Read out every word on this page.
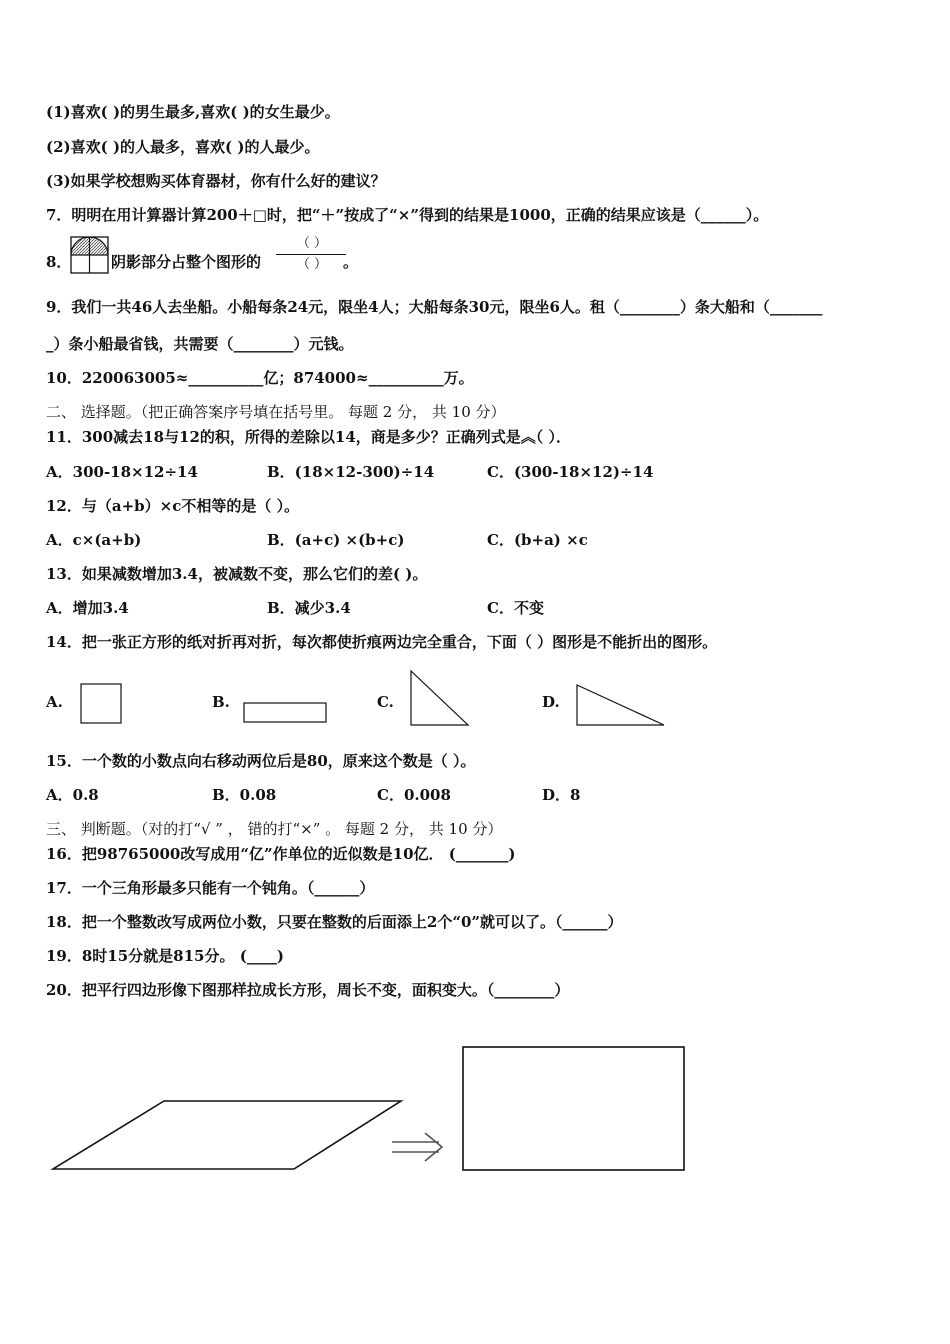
(1)喜欢( )的男生最多,喜欢( )的女生最少。
(2)喜欢( )的人最多，喜欢( )的人最少。
(3)如果学校想购买体育器材，你有什么好的建议？
7．明明在用计算器计算200＋□时，把“＋”按成了“×”得到的结果是1000，正确的结果应该是（______）。
8．	阴影部分占整个图形的
（ ）
（ ）	。
9．我们一共46人去坐船。小船每条24元，限坐4人；大船每条30元，限坐6人。租（________）条大船和（_______
_）条小船最省钱，共需要（________）元钱。
10．220063005≈__________亿；874000≈__________万。
二、 选择题。（把正确答案序号填在括号里。 每题 2 分， 共 10 分）
11．300减去18与12的积，所得的差除以14，商是多少？正确列式是︽（ ）．
A．300-18×12÷14	B．(18×12-300)÷14	C．(300-18×12)÷14
12．与（a+b）×c不相等的是（ ）。
A．c×(a+b)	B．(a+c) ×(b+c)	C．(b+a) ×c
13．如果减数增加3.4，被减数不变，那么它们的差( )。
A．增加3.4	B．减少3.4	C．不变
14．把一张正方形的纸对折再对折，每次都使折痕两边完全重合，下面（ ）图形是不能折出的图形。
A.	B.	C.	D.
15．一个数的小数点向右移动两位后是80，原来这个数是（ ）。
A．0.8	B．0.08	C．0.008	D．8
三、 判断题。（对的打“√ ” ， 错的打“×” 。 每题 2 分， 共 10 分）
16．把98765000改写成用“亿”作单位的近似数是10亿． (_______)
17．一个三角形最多只能有一个钝角。（______）
18．把一个整数改写成两位小数，只要在整数的后面添上2个“0”就可以了。（______）
19．8时15分就是815分。 (____)
20．把平行四边形像下图那样拉成长方形，周长不变，面积变大。（________）
